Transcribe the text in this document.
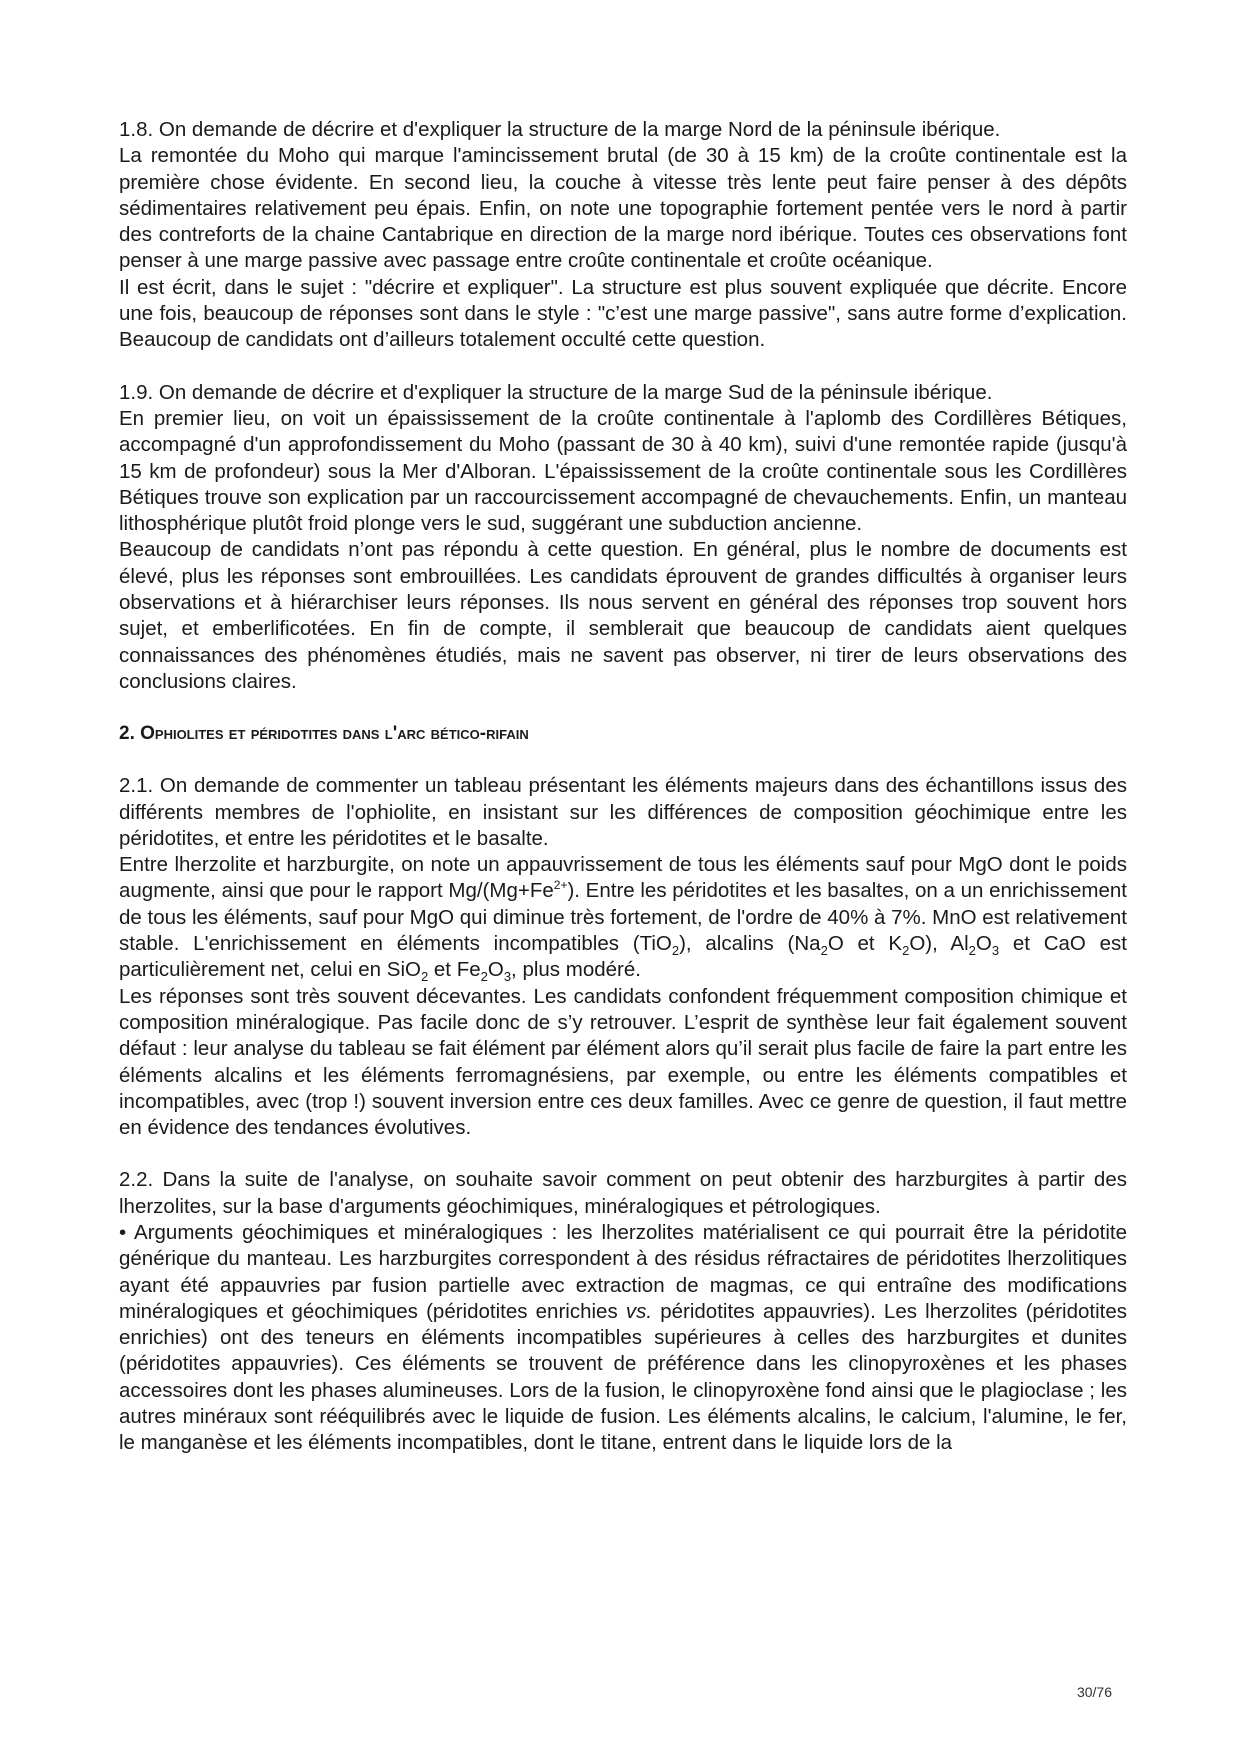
1.8. On demande de décrire et d'expliquer la structure de la marge Nord de la péninsule ibérique.

La remontée du Moho qui marque l'amincissement brutal (de 30 à 15 km) de la croûte continentale est la première chose évidente. En second lieu, la couche à vitesse très lente peut faire penser à des dépôts sédimentaires relativement peu épais. Enfin, on note une topographie fortement pentée vers le nord à partir des contreforts de la chaine Cantabrique en direction de la marge nord ibérique. Toutes ces observations font penser à une marge passive avec passage entre croûte continentale et croûte océanique.

Il est écrit, dans le sujet : "décrire et expliquer". La structure est plus souvent expliquée que décrite. Encore une fois, beaucoup de réponses sont dans le style : "c’est une marge passive", sans autre forme d’explication. Beaucoup de candidats ont d’ailleurs totalement occulté cette question.

1.9. On demande de décrire et d'expliquer la structure de la marge Sud de la péninsule ibérique.

En premier lieu, on voit un épaississement de la croûte continentale à l'aplomb des Cordillères Bétiques, accompagné d'un approfondissement du Moho (passant de 30 à 40 km), suivi d'une remontée rapide (jusqu'à 15 km de profondeur) sous la Mer d'Alboran. L'épaississement de la croûte continentale sous les Cordillères Bétiques trouve son explication par un raccourcissement accompagné de chevauchements. Enfin, un manteau lithosphérique plutôt froid plonge vers le sud, suggérant une subduction ancienne.

Beaucoup de candidats n’ont pas répondu à cette question. En général, plus le nombre de documents est élevé, plus les réponses sont embrouillées. Les candidats éprouvent de grandes difficultés à organiser leurs observations et à hiérarchiser leurs réponses. Ils nous servent en général des réponses trop souvent hors sujet, et emberlificotées. En fin de compte, il semblerait que beaucoup de candidats aient quelques connaissances des phénomènes étudiés, mais ne savent pas observer, ni tirer de leurs observations des conclusions claires.

2. Ophiolites et péridotites dans l'arc bético-rifain

2.1. On demande de commenter un tableau présentant les éléments majeurs dans des échantillons issus des différents membres de l'ophiolite, en insistant sur les différences de composition géochimique entre les péridotites, et entre les péridotites et le basalte.

Entre lherzolite et harzburgite, on note un appauvrissement de tous les éléments sauf pour MgO dont le poids augmente, ainsi que pour le rapport $Mg/(Mg+Fe^{2+})$. Entre les péridotites et les basaltes, on a un enrichissement de tous les éléments, sauf pour MgO qui diminue très fortement, de l'ordre de 40% à 7%. MnO est relativement stable. L'enrichissement en éléments incompatibles (TiO$_2$), alcalins ($Na_2O$ et $K_2O$), $Al_2O_3$ et CaO est particulièrement net, celui en SiO$_2$ et $Fe_2O_3$, plus modéré.

Les réponses sont très souvent décevantes. Les candidats confondent fréquemment composition chimique et composition minéralogique. Pas facile donc de s’y retrouver. L’esprit de synthèse leur fait également souvent défaut : leur analyse du tableau se fait élément par élément alors qu’il serait plus facile de faire la part entre les éléments alcalins et les éléments ferromagnésiens, par exemple, ou entre les éléments compatibles et incompatibles, avec (trop !) souvent inversion entre ces deux familles. Avec ce genre de question, il faut mettre en évidence des tendances évolutives.

2.2. Dans la suite de l'analyse, on souhaite savoir comment on peut obtenir des harzburgites à partir des lherzolites, sur la base d'arguments géochimiques, minéralogiques et pétrologiques.

• Arguments géochimiques et minéralogiques : les lherzolites matérialisent ce qui pourrait être la péridotite générique du manteau. Les harzburgites correspondent à des résidus réfractaires de péridotites lherzolitiques ayant été appauvries par fusion partielle avec extraction de magmas, ce qui entraîne des modifications minéralogiques et géochimiques (péridotites enrichies vs. péridotites appauvries). Les lherzolites (péridotites enrichies) ont des teneurs en éléments incompatibles supérieures à celles des harzburgites et dunites (péridotites appauvries). Ces éléments se trouvent de préférence dans les clinopyroxènes et les phases accessoires dont les phases alumineuses. Lors de la fusion, le clinopyroxène fond ainsi que le plagioclase ; les autres minéraux sont rééquilibrés avec le liquide de fusion. Les éléments alcalins, le calcium, l'alumine, le fer, le manganèse et les éléments incompatibles, dont le titane, entrent dans le liquide lors de la

30/76
